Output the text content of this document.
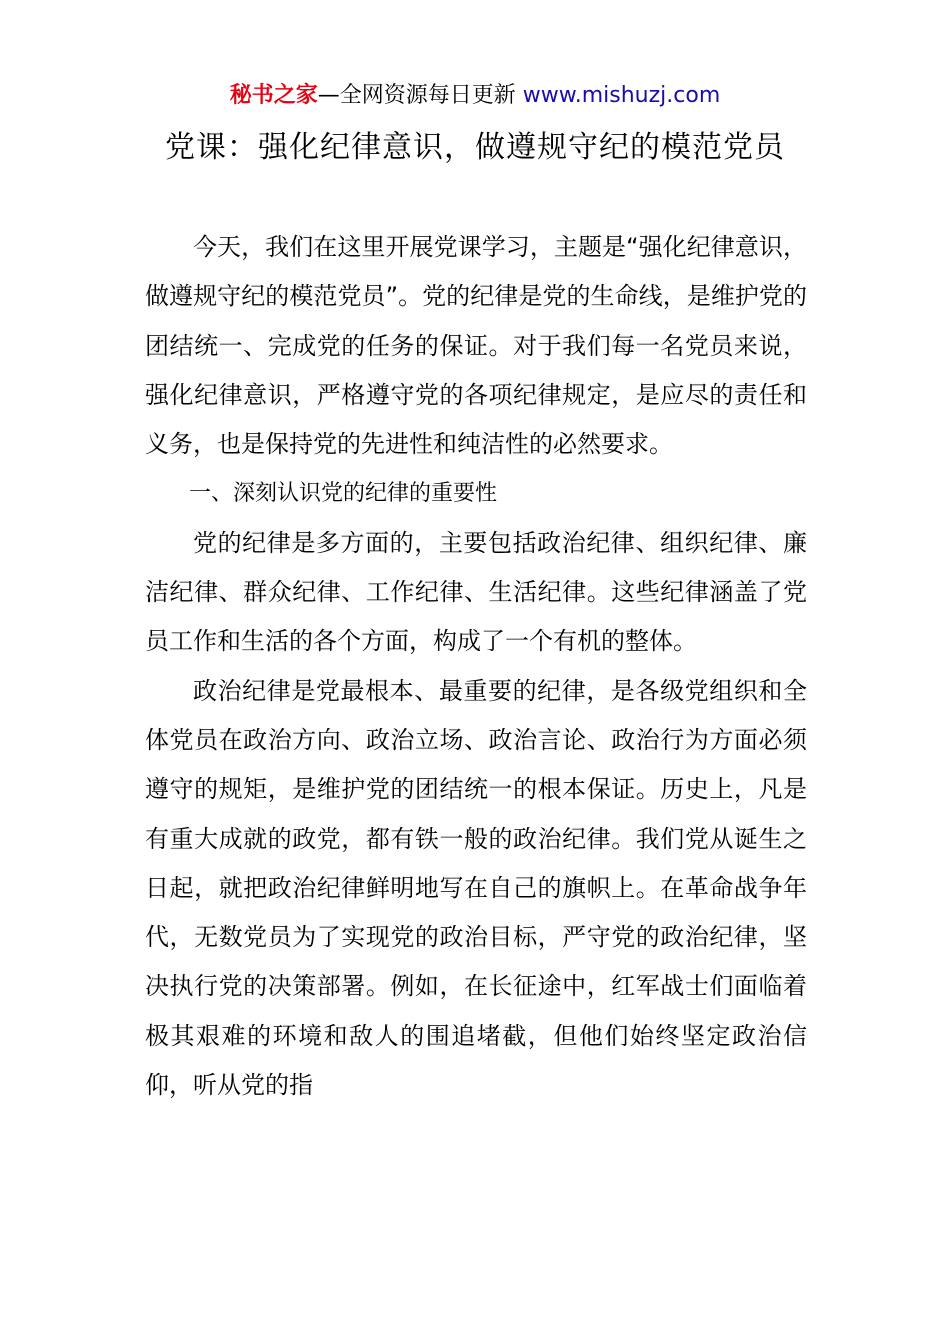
秘书之家—全网资源每日更新 www.mishuzj.com
党课：强化纪律意识，做遵规守纪的模范党员

今天，我们在这里开展党课学习，主题是“强化纪律意识，做遵规守纪的模范党员”。党的纪律是党的生命线，是维护党的团结统一、完成党的任务的保证。对于我们每一名党员来说，强化纪律意识，严格遵守党的各项纪律规定，是应尽的责任和义务，也是保持党的先进性和纯洁性的必然要求。

一、深刻认识党的纪律的重要性

党的纪律是多方面的，主要包括政治纪律、组织纪律、廉洁纪律、群众纪律、工作纪律、生活纪律。这些纪律涵盖了党员工作和生活的各个方面，构成了一个有机的整体。

政治纪律是党最根本、最重要的纪律，是各级党组织和全体党员在政治方向、政治立场、政治言论、政治行为方面必须遵守的规矩，是维护党的团结统一的根本保证。历史上，凡是有重大成就的政党，都有铁一般的政治纪律。我们党从诞生之日起，就把政治纪律鲜明地写在自己的旗帜上。在革命战争年代，无数党员为了实现党的政治目标，严守党的政治纪律，坚决执行党的决策部署。例如，在长征途中，红军战士们面临着极其艰难的环境和敌人的围追堵截，但他们始终坚定政治信仰，听从党的指
